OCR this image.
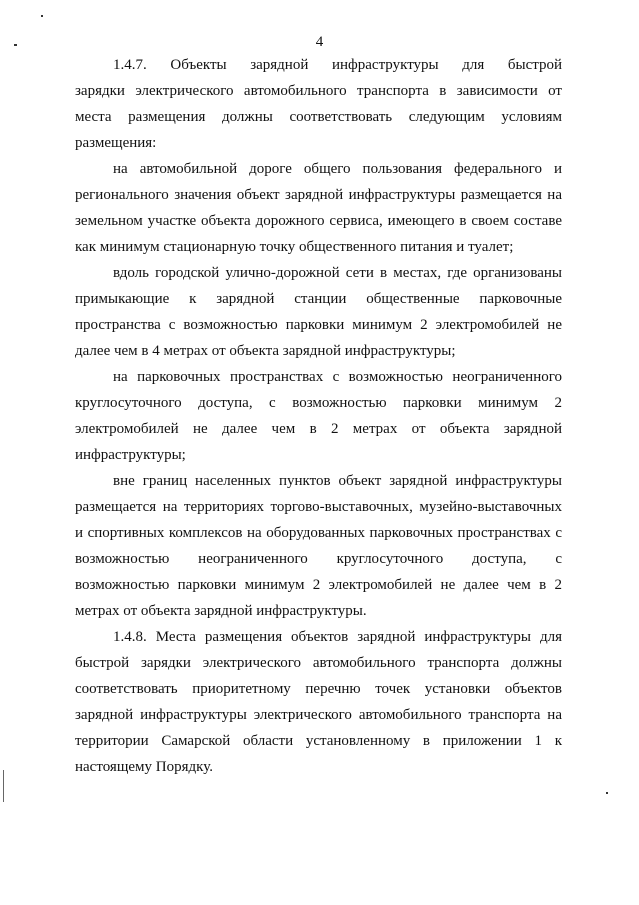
4

1.4.7. Объекты зарядной инфраструктуры для быстрой
зарядки электрического автомобильного транспорта в зависимости от
места размещения должны соответствовать следующим условиям
размещения:

на автомобильной дороге общего пользования федерального и
регионального значения объект зарядной инфраструктуры размещается на
земельном участке объекта дорожного сервиса, имеющего в своем составе
как минимум стационарную точку общественного питания и туалет;

вдоль городской улично-дорожной сети в местах, где организованы
примыкающие к зарядной станции общественные парковочные
пространства с возможностью парковки минимум 2 электромобилей не
далее чем в 4 метрах от объекта зарядной инфраструктуры;

на парковочных пространствах с возможностью неограниченного
круглосуточного доступа, с возможностью парковки минимум 2
электромобилей не далее чем в 2 метрах от объекта зарядной
инфраструктуры;

вне границ населенных пунктов объект зарядной инфраструктуры
размещается на территориях торгово-выставочных, музейно-выставочных
и спортивных комплексов на оборудованных парковочных пространствах с
возможностью неограниченного круглосуточного доступа, с
возможностью парковки минимум 2 электромобилей не далее чем в 2
метрах от объекта зарядной инфраструктуры.

1.4.8. Места размещения объектов зарядной инфраструктуры для
быстрой зарядки электрического автомобильного транспорта должны
соответствовать приоритетному перечню точек установки объектов
зарядной инфраструктуры электрического автомобильного транспорта на
территории Самарской области установленному в приложении 1 к
настоящему Порядку.
